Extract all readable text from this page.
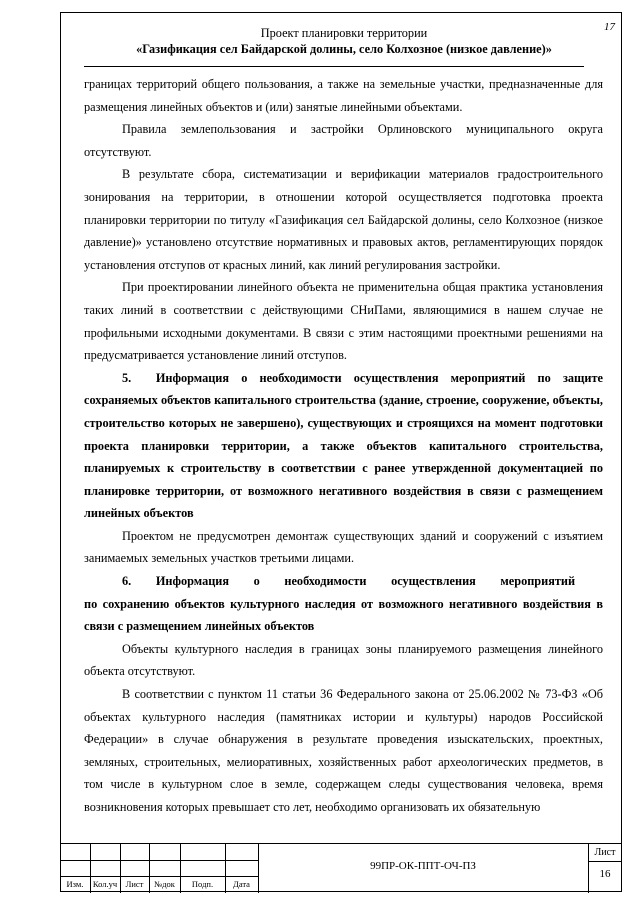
17
Проект планировки территории
«Газификация сел Байдарской долины, село Колхозное (низкое давление)»

границах территорий общего пользования, а также на земельные участки, предназначенные для размещения линейных объектов и (или) занятые линейными объектами.

Правила землепользования и застройки Орлиновского муниципального округа отсутствуют.

В результате сбора, систематизации и верификации материалов градостроительного зонирования на территории, в отношении которой осуществляется подготовка проекта планировки территории по титулу «Газификация сел Байдарской долины, село Колхозное (низкое давление)» установлено отсутствие нормативных и правовых актов, регламентирующих порядок установления отступов от красных линий, как линий регулирования застройки.

При проектировании линейного объекта не применительна общая практика установления таких линий в соответствии с действующими СНиПами, являющимися в нашем случае не профильными исходными документами. В связи с этим настоящими проектными решениями на предусматривается установление линий отступов.

5.  Информация о необходимости осуществления мероприятий по защите сохраняемых объектов капитального строительства (здание, строение, сооружение, объекты, строительство которых не завершено), существующих и строящихся на момент подготовки проекта планировки территории, а также объектов капитального строительства, планируемых к строительству в соответствии с ранее утвержденной документацией по планировке территории, от возможного негативного воздействия в связи с размещением линейных объектов

Проектом не предусмотрен демонтаж существующих зданий и сооружений с изъятием занимаемых земельных участков третьими лицами.

6.  Информация  о  необходимости  осуществления  мероприятий  по сохранению объектов культурного наследия от возможного негативного воздействия в связи с размещением линейных объектов

Объекты культурного наследия в границах зоны планируемого размещения линейного объекта отсутствуют.

В соответствии с пунктом 11 статьи 36 Федерального закона от 25.06.2002 № 73-ФЗ «Об объектах культурного наследия (памятниках истории и культуры) народов Российской Федерации» в случае обнаружения в результате проведения изыскательских, проектных, земляных, строительных, мелиоративных, хозяйственных работ археологических предметов, в том числе в культурном слое в земле, содержащем следы существования человека, время возникновения которых превышает сто лет, необходимо организовать их обязательную

Изм.	Кол.уч Лист	№док	Подп.	Дата
99ПР-ОК-ППТ-ОЧ-ПЗ
Лист
16
